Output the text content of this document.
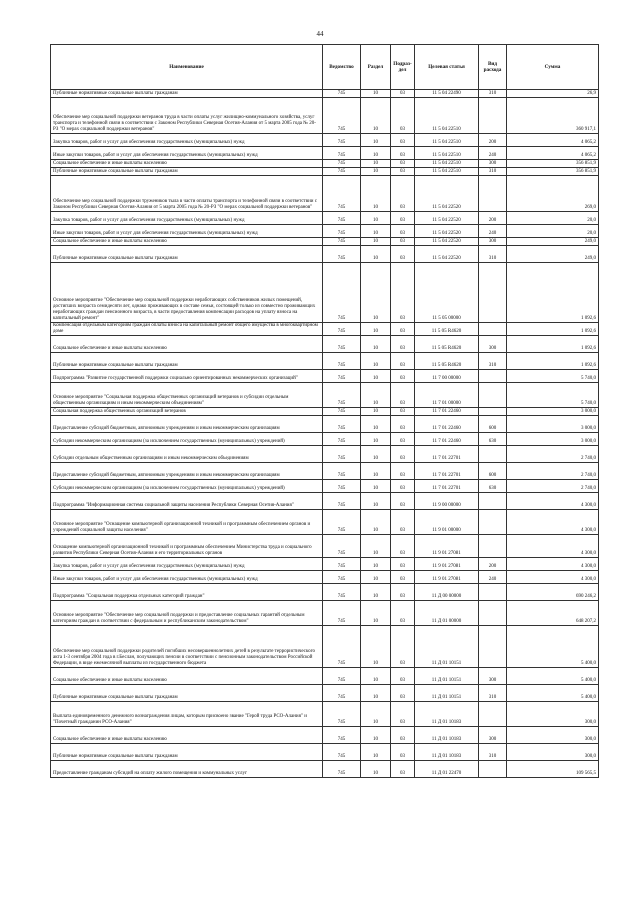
44
Наименование	Ведомство	Раздел	Подраз-дел	Целевая статья	Вид расхода	Сумма
Публичные нормативные социальные выплаты гражданам	745	10	03	11 5 04 22490	310	26,9
Обеспечение мер социальной поддержки ветеранов труда в части оплаты услуг жилищно-коммунального хозяйства, услуг транспорта и телефонной связи в соответствии с Законом Республики Северная Осетия-Алания от 5 марта 2005 года № 20-РЗ "О мерах социальной поддержки ветеранов"	745	10	03	11 5 04 22510		360 917,1
Закупка товаров, работ и услуг для обеспечения государственных (муниципальных) нужд	745	10	03	11 5 04 22510	200	4 065,2
Иные закупки товаров, работ и услуг для обеспечения государственных (муниципальных) нужд	745	10	03	11 5 04 22510	240	4 065,2
Социальное обеспечение и иные выплаты населению	745	10	03	11 5 04 22510	300	356 851,9
Публичные нормативные социальные выплаты гражданам	745	10	03	11 5 04 22510	310	356 851,9
Обеспечение мер социальной поддержки тружеников тыла в части оплаты транспорта и телефонной связи в соответствии с Законом Республики Северная Осетия-Алания от 5 марта 2005 года № 20-РЗ "О мерах социальной поддержки ветеранов"	745	10	03	11 5 04 22520		269,0
Закупка товаров, работ и услуг для обеспечения государственных (муниципальных) нужд	745	10	03	11 5 04 22520	200	20,0
Иные закупки товаров, работ и услуг для обеспечения государственных (муниципальных) нужд	745	10	03	11 5 04 22520	240	20,0
Социальное обеспечение и иные выплаты населению	745	10	03	11 5 04 22520	300	249,0
Публичные нормативные социальные выплаты гражданам	745	10	03	11 5 04 22520	310	249,0
Основное мероприятие "Обеспечение мер социальной поддержки неработающих собственников жилых помещений, достигших возраста семидесяти лет, однако проживающих в составе семьи, состоящей только из совместно проживающих неработающих граждан пенсионного возраста, в части предоставления компенсации расходов на уплату взноса на капитальный ремонт"	745	10	03	11 5 05 00000		1 092,6
Компенсация отдельным категориям граждан оплаты взноса на капитальный ремонт общего имущества в многоквартирном доме	745	10	03	11 5 05 R4620		1 092,6
Социальное обеспечение и иные выплаты населению	745	10	03	11 5 05 R4620	300	1 092,6
Публичные нормативные социальные выплаты гражданам	745	10	03	11 5 05 R4620	310	1 092,6
Подпрограмма "Развитие государственной поддержки социально ориентированных некоммерческих организаций"	745	10	03	11 7 00 00000		5 740,0
Основное мероприятие "Социальная поддержка общественных организаций ветеранов и субсидии отдельным общественным организациям и иным некоммерческим объединениям"	745	10	03	11 7 01 00000		5 740,0
Социальная поддержка общественных организаций ветеранов	745	10	03	11 7 01 22460		3 000,0
Предоставление субсидий бюджетным, автономным учреждениям и иным некоммерческим организациям	745	10	03	11 7 01 22460	600	3 000,0
Субсидии некоммерческим организациям (за исключением государственных (муниципальных) учреждений)	745	10	03	11 7 01 22460	630	3 000,0
Субсидии отдельным общественным организациям и иным некоммерческим объединениям	745	10	03	11 7 01 22701		2 740,0
Предоставление субсидий бюджетным, автономным учреждениям и иным некоммерческим организациям	745	10	03	11 7 01 22701	600	2 740,0
Субсидии некоммерческим организациям (за исключением государственных (муниципальных) учреждений)	745	10	03	11 7 01 22701	630	2 740,0
Подпрограмма "Информационная система социальной защиты населения Республики Северная Осетия-Алания"	745	10	03	11 9 00 00000		4 300,0
Основное мероприятие "Оснащение компьютерной организационной техникой и программным обеспечением органов и учреждений социальной защиты населения"	745	10	03	11 9 01 00000		4 300,0
Оснащение компьютерной организационной техникой и программным обеспечением Министерства труда и социального развития Республики Северная Осетия-Алания и его территориальных органов	745	10	03	11 9 01 27081		4 300,0
Закупка товаров, работ и услуг для обеспечения государственных (муниципальных) нужд	745	10	03	11 9 01 27081	200	4 300,0
Иные закупки товаров, работ и услуг для обеспечения государственных (муниципальных) нужд	745	10	03	11 9 01 27081	240	4 300,0
Подпрограмма "Социальная поддержка отдельных категорий граждан"	745	10	03	11 Д 00 00000		690 246,2
Основное мероприятие "Обеспечение мер социальной поддержки и предоставление социальных гарантий отдельным категориям граждан в соответствии с федеральным и республиканским законодательством"	745	10	03	11 Д 01 00000		648 207,2
Обеспечение мер социальной поддержки родителей погибших несовершеннолетних детей в результате террористического акта 1-3 сентября 2004 года в г.Беслан, получающих пенсии в соответствии с пенсионным законодательством Российской Федерации, в виде ежемесячной выплаты из государственного бюджета	745	10	03	11 Д 01 10151		5 400,0
Социальное обеспечение и иные выплаты населению	745	10	03	11 Д 01 10151	300	5 400,0
Публичные нормативные социальные выплаты гражданам	745	10	03	11 Д 01 10151	310	5 400,0
Выплата единовременного денежного вознаграждения лицам, которым присвоено звание "Герой труда РСО-Алания" и "Почетный гражданин РСО-Алания"	745	10	03	11 Д 01 10183		300,0
Социальное обеспечение и иные выплаты населению	745	10	03	11 Д 01 10183	300	300,0
Публичные нормативные социальные выплаты гражданам	745	10	03	11 Д 01 10183	310	300,0
Предоставление гражданам субсидий на оплату жилого помещения и коммунальных услуг	745	10	03	11 Д 01 22470		109 565,5
